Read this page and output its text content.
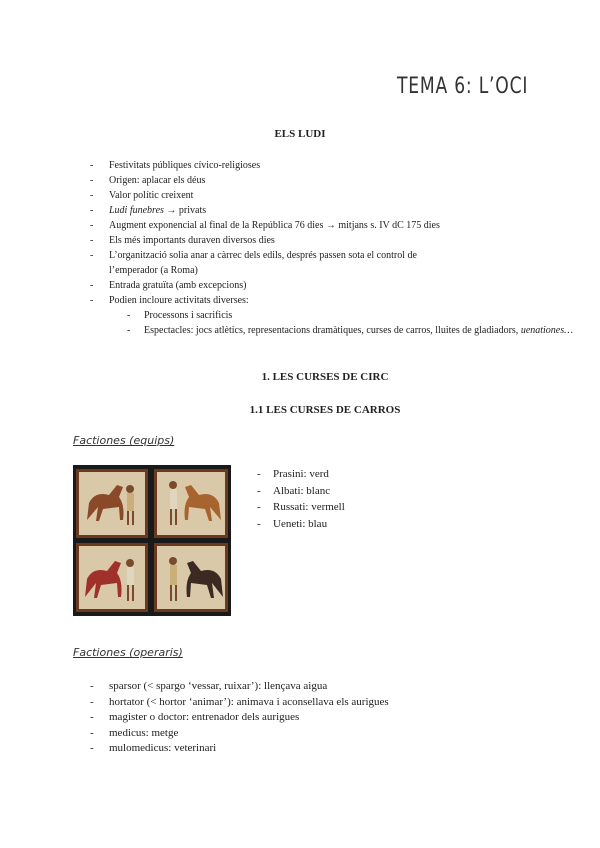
TEMA 6: L’OCI
ELS LUDI
- Festivitats públiques cívico-religioses
- Origen: aplacar els déus
- Valor polític creixent
- Ludi funebres → privats
- Augment exponencial al final de la República 76 dies → mitjans s. IV dC 175 dies
- Els més importants duraven diversos dies
- L’organització solia anar a càrrec dels edils, després passen sota el control de
l’emperador (a Roma)
- Entrada gratuïta (amb excepcions)
- Podien incloure activitats diverses:
- Processons i sacrificis
- Espectacles: jocs atlètics, representacions dramàtiques, curses de carros, lluites de gladiadors, uenationes…
1. LES CURSES DE CIRC
1.1 LES CURSES DE CARROS
Factiones (equips)
- Prasini: verd
- Albati: blanc
- Russati: vermell
- Ueneti: blau
Factiones (operaris)
- sparsor (< spargo ‘vessar, ruixar’): llençava aigua
- hortator (< hortor ‘animar’): animava i aconsellava els aurigues
- magister o doctor: entrenador dels aurigues
- medicus: metge
- mulomedicus: veterinari
